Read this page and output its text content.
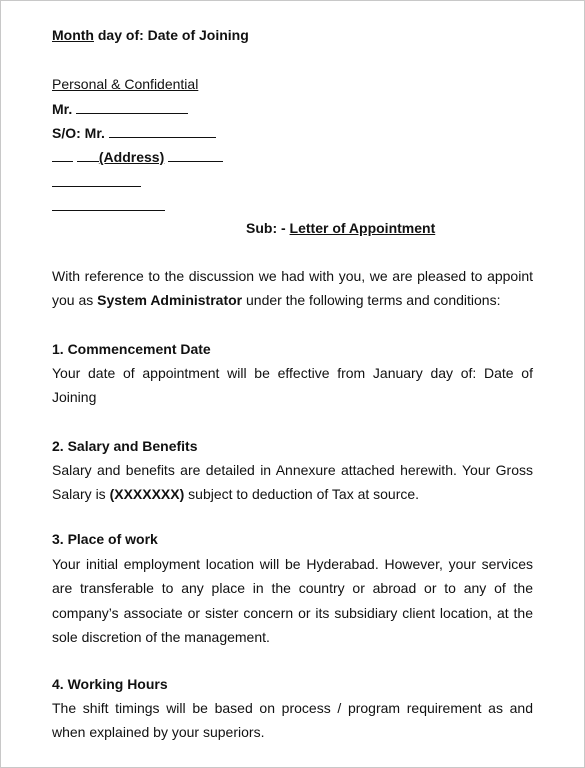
Month day of: Date of Joining
Personal & Confidential
Mr.
S/O: Mr.
(Address)
Sub: - Letter of Appointment
With reference to the discussion we had with you, we are pleased to appoint you as System Administrator under the following terms and conditions:
1. Commencement Date
Your date of appointment will be effective from January day of: Date of Joining
2. Salary and Benefits
Salary and benefits are detailed in Annexure attached herewith. Your Gross Salary is (XXXXXXX) subject to deduction of Tax at source.
3. Place of work
Your initial employment location will be Hyderabad. However, your services are transferable to any place in the country or abroad or to any of the company’s associate or sister concern or its subsidiary client location, at the sole discretion of the management.
4. Working Hours
The shift timings will be based on process / program requirement as and when explained by your superiors.
